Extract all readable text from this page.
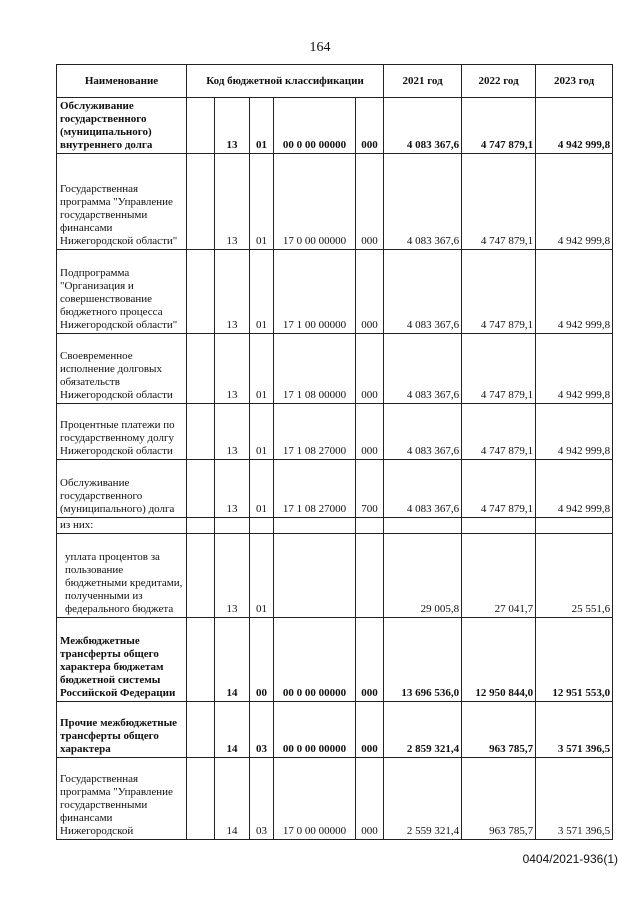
164
Наименование	Код бюджетной классификации					2021 год	2022 год	2023 год
Обслуживание государственного (муниципального) внутреннего долга		13	01	00 0 00 00000	000	4 083 367,6	4 747 879,1	4 942 999,8
Государственная программа "Управление государственными финансами Нижегородской области"		13	01	17 0 00 00000	000	4 083 367,6	4 747 879,1	4 942 999,8
Подпрограмма "Организация и совершенствование бюджетного процесса Нижегородской области"		13	01	17 1 00 00000	000	4 083 367,6	4 747 879,1	4 942 999,8
Своевременное исполнение долговых обязательств Нижегородской области		13	01	17 1 08 00000	000	4 083 367,6	4 747 879,1	4 942 999,8
Процентные платежи по государственному долгу Нижегородской области		13	01	17 1 08 27000	000	4 083 367,6	4 747 879,1	4 942 999,8
Обслуживание государственного (муниципального) долга		13	01	17 1 08 27000	700	4 083 367,6	4 747 879,1	4 942 999,8
из них:								
уплата процентов за пользование бюджетными кредитами, полученными из федерального бюджета		13	01			29 005,8	27 041,7	25 551,6
Межбюджетные трансферты общего характера бюджетам бюджетной системы Российской Федерации		14	00	00 0 00 00000	000	13 696 536,0	12 950 844,0	12 951 553,0
Прочие межбюджетные трансферты общего характера		14	03	00 0 00 00000	000	2 859 321,4	963 785,7	3 571 396,5
Государственная программа "Управление государственными финансами Нижегородской		14	03	17 0 00 00000	000	2 559 321,4	963 785,7	3 571 396,5
0404/2021-936(1)
